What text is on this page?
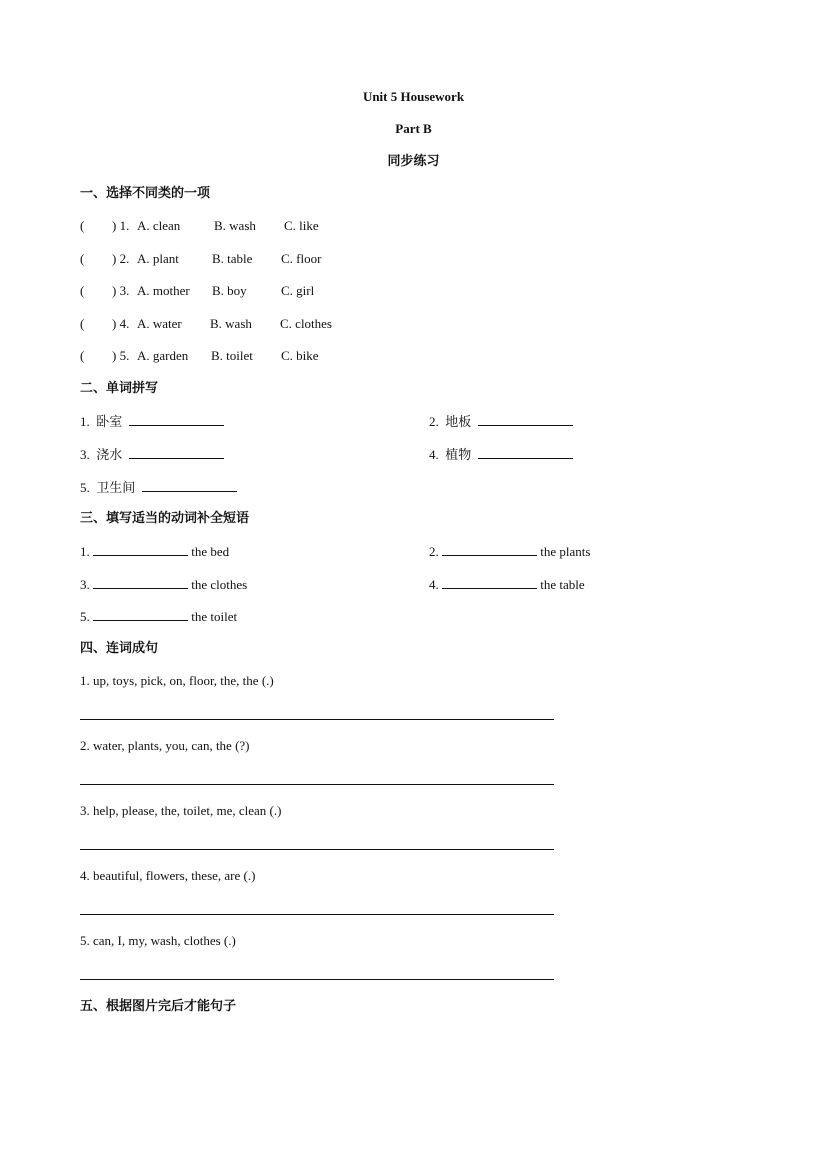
Unit 5 Housework
Part B
同步练习
一、选择不同类的一项
( ) 1. A. clean	B. wash C. like
( ) 2. A. plant	B. table C. floor
( ) 3. A. mother B. boy	C. girl
( ) 4. A. water B. wash C. clothes
( ) 5. A. garden B. toilet C. bike
二、单词拼写
1. 卧室	2. 地板
3. 浇水	4. 植物
5. 卫生间
三、填写适当的动词补全短语
1.	the bed	2.	the plants
3.	the clothes	4.	the table
5.	the toilet
四、连词成句
1. up, toys, pick, on, floor, the, the (.)
2. water, plants, you, can, the (?)
3. help, please, the, toilet, me, clean (.)
4. beautiful, flowers, these, are (.)
5. can, I, my, wash, clothes (.)
五、根据图片完后才能句子
